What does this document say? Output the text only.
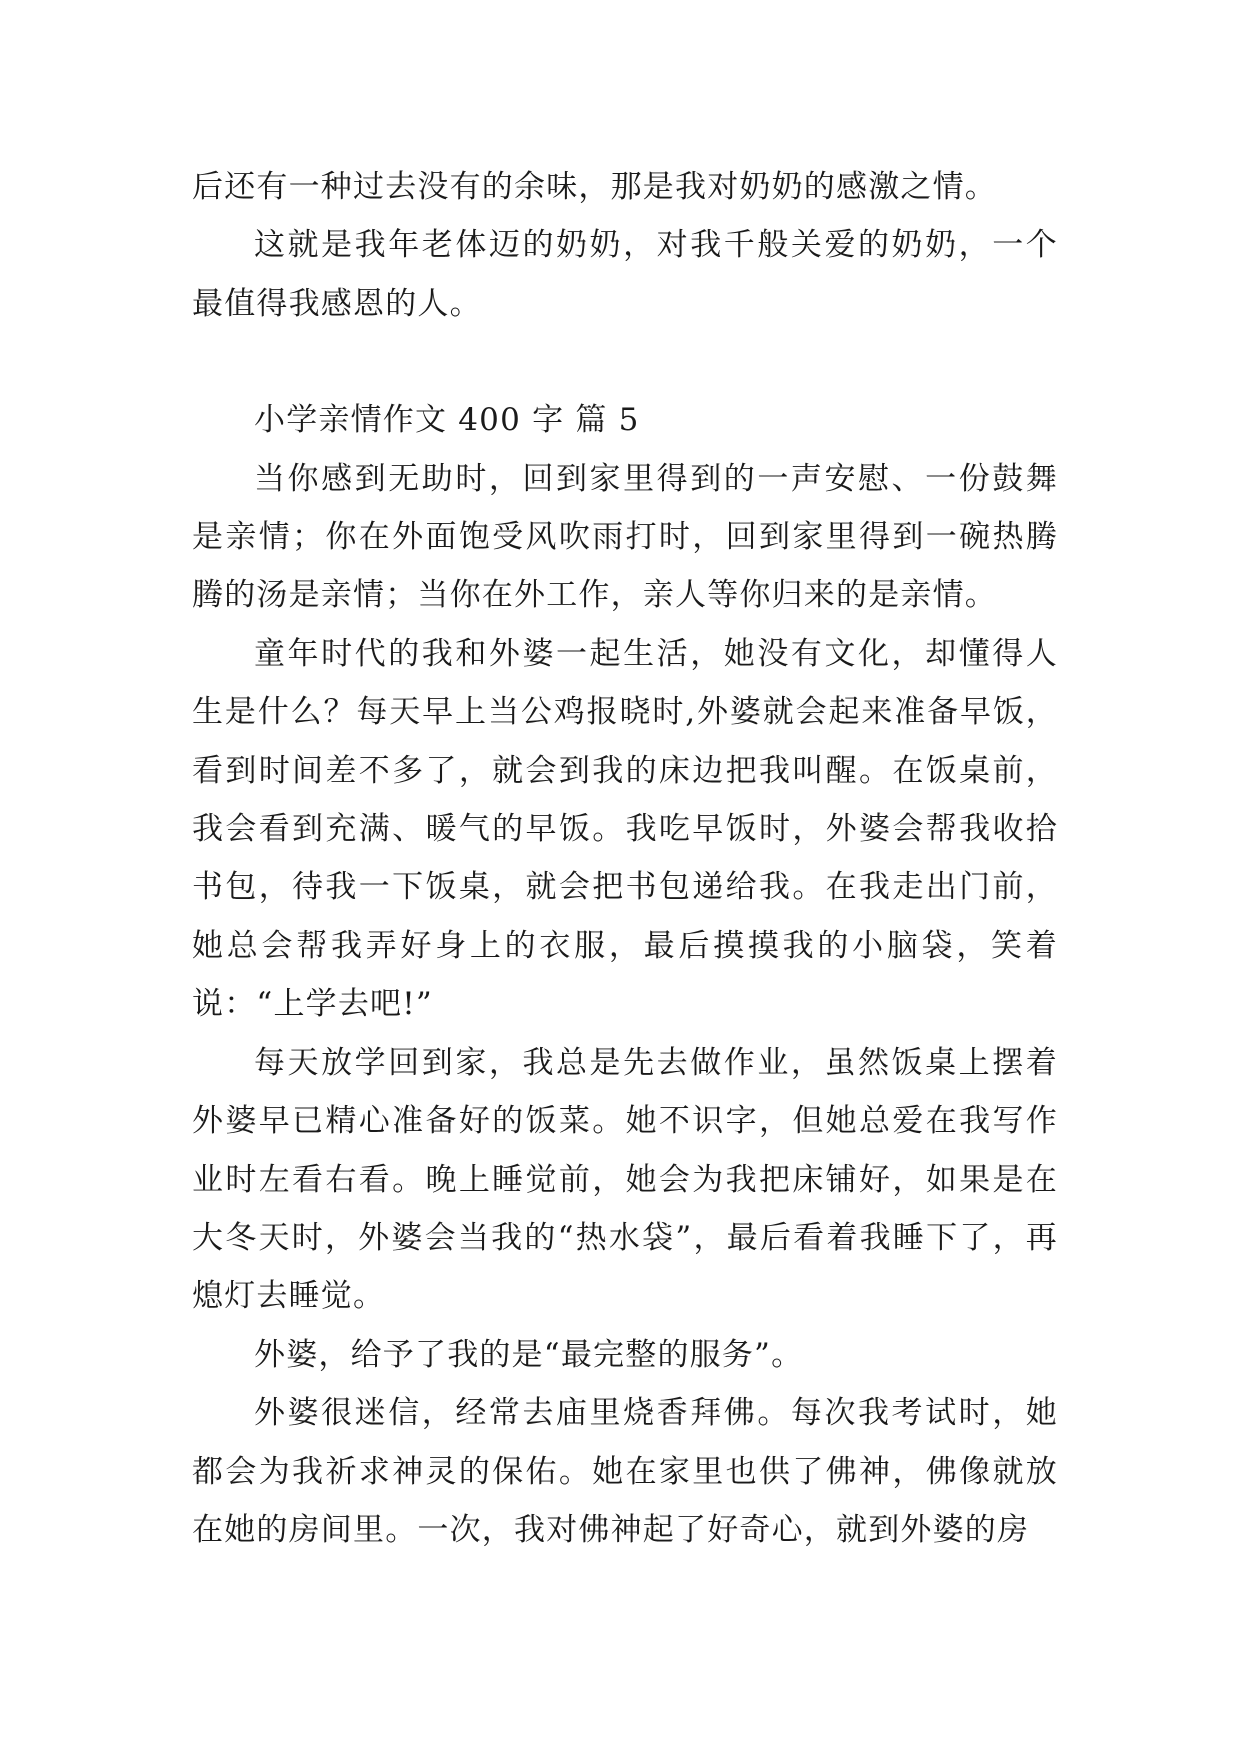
后还有一种过去没有的余味，那是我对奶奶的感激之情。

这就是我年老体迈的奶奶，对我千般关爱的奶奶，一个最值得我感恩的人。

小学亲情作文 400 字 篇 5

当你感到无助时，回到家里得到的一声安慰、一份鼓舞是亲情；你在外面饱受风吹雨打时，回到家里得到一碗热腾腾的汤是亲情；当你在外工作，亲人等你归来的是亲情。

童年时代的我和外婆一起生活，她没有文化，却懂得人生是什么？每天早上当公鸡报晓时,外婆就会起来准备早饭，看到时间差不多了，就会到我的床边把我叫醒。在饭桌前，我会看到充满、暖气的早饭。我吃早饭时，外婆会帮我收拾书包，待我一下饭桌，就会把书包递给我。在我走出门前，她总会帮我弄好身上的衣服，最后摸摸我的小脑袋，笑着说：“上学去吧!”

每天放学回到家，我总是先去做作业，虽然饭桌上摆着外婆早已精心准备好的饭菜。她不识字，但她总爱在我写作业时左看右看。晚上睡觉前，她会为我把床铺好，如果是在大冬天时，外婆会当我的“热水袋”，最后看着我睡下了，再熄灯去睡觉。

外婆，给予了我的是“最完整的服务”。

外婆很迷信，经常去庙里烧香拜佛。每次我考试时，她都会为我祈求神灵的保佑。她在家里也供了佛神，佛像就放在她的房间里。一次，我对佛神起了好奇心，就到外婆的房
